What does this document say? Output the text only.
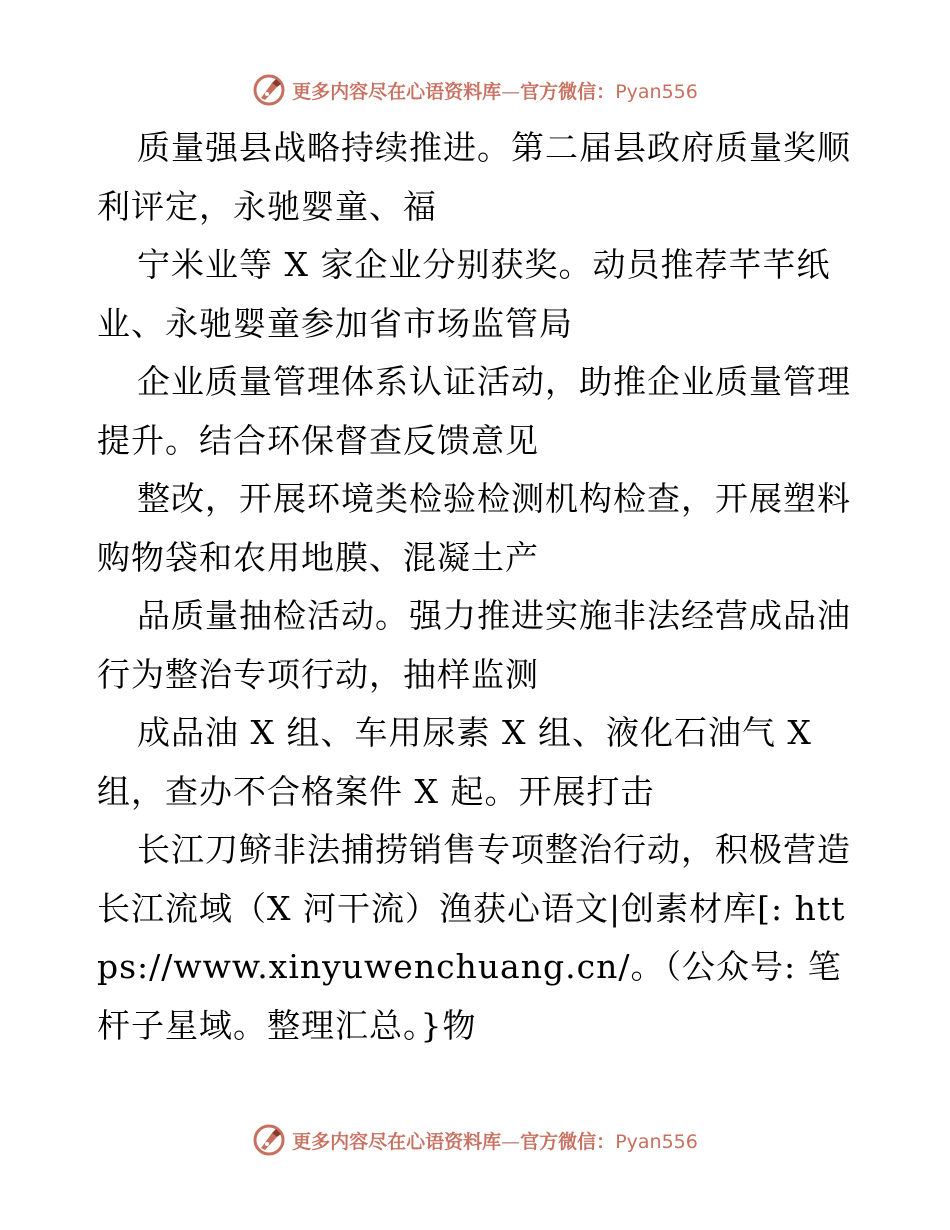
更多内容尽在心语资料库—官方微信：Pyan556

质量强县战略持续推进。第二届县政府质量奖顺利评定，永驰婴童、福

宁米业等 X 家企业分别获奖。动员推荐芊芊纸业、永驰婴童参加省市场监管局

企业质量管理体系认证活动，助推企业质量管理提升。结合环保督查反馈意见

整改，开展环境类检验检测机构检查，开展塑料购物袋和农用地膜、混凝土产

品质量抽检活动。强力推进实施非法经营成品油行为整治专项行动，抽样监测

成品油 X 组、车用尿素 X 组、液化石油气 X 组，查办不合格案件 X 起。开展打击

长江刀鲚非法捕捞销售专项整治行动，积极营造长江流域（X 河干流）渔获心语文|创素材库[: https://www.xinyuwenchuang.cn/。（公众号: 笔杆子星域。整理汇总。}物

更多内容尽在心语资料库—官方微信：Pyan556
